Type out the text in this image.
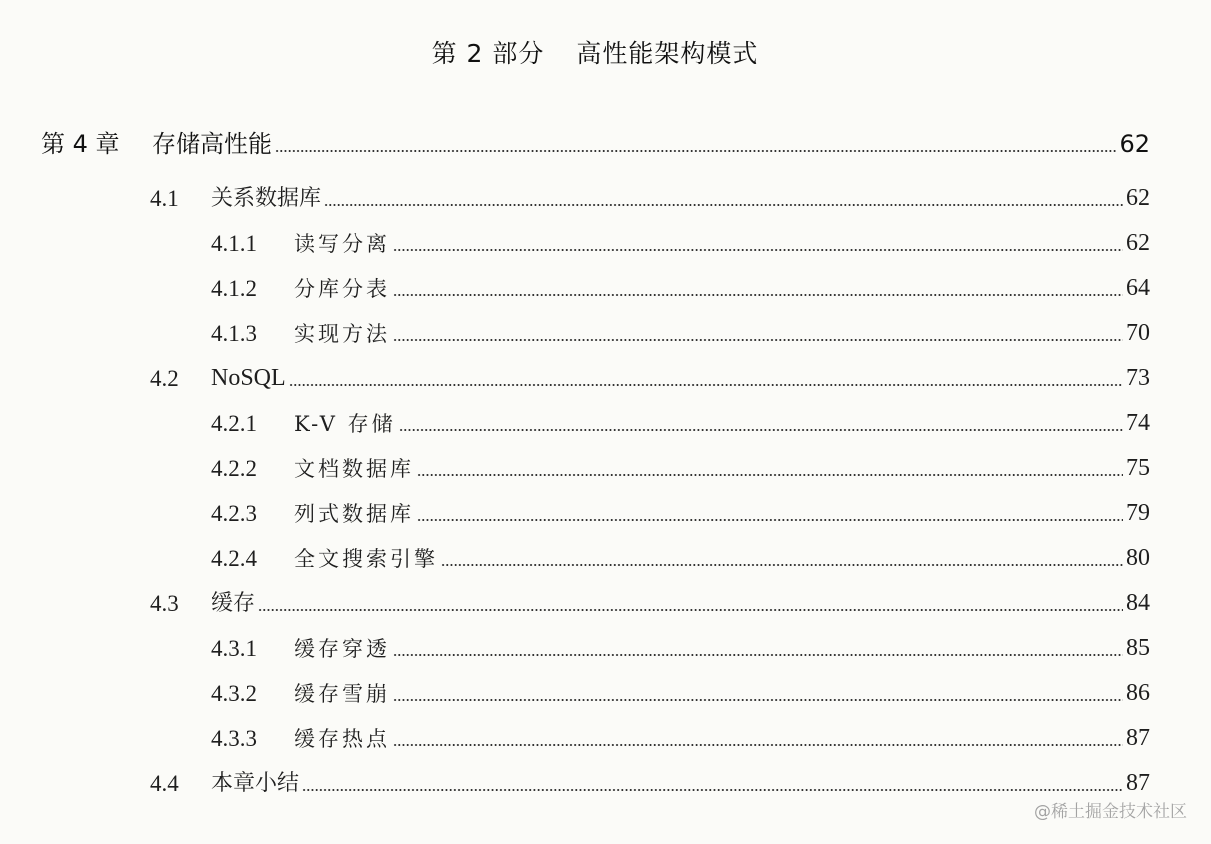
第 2 部分 高性能架构模式
第 4 章	存储高性能	62
4.1	关系数据库	62
4.1.1	读写分离	62
4.1.2	分库分表	64
4.1.3	实现方法	70
4.2	NoSQL	73
4.2.1	K-V 存储	74
4.2.2	文档数据库	75
4.2.3	列式数据库	79
4.2.4	全文搜索引擎	80
4.3	缓存	84
4.3.1	缓存穿透	85
4.3.2	缓存雪崩	86
4.3.3	缓存热点	87
4.4	本章小结	87
@稀土掘金技术社区
